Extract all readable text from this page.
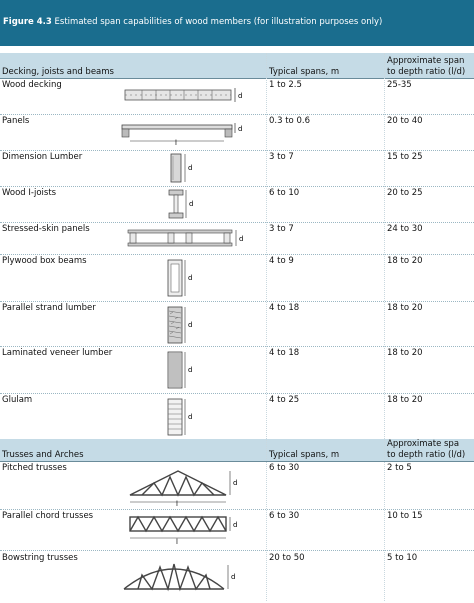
Figure 4.3 Estimated span capabilities of wood members (for illustration purposes only)
Decking, joists and beams	Typical spans, m
Approximate span
to depth ratio (l/d)
Wood decking	1 to 2.5	25-35
d
Panels	0.3 to 0.6	20 to 40
l
d
Dimension Lumber	3 to 7	15 to 25
d
Wood I-joists	6 to 10	20 to 25
d
Stressed-skin panels	3 to 7	24 to 30
d
Plywood box beams	4 to 9	18 to 20
d
Parallel strand lumber	4 to 18	18 to 20
d
Laminated veneer lumber	4 to 18	18 to 20
d
Glulam	4 to 25	18 to 20
d
Trusses and Arches	Typical spans, m
Approximate spa
to depth ratio (l/d)
Pitched trusses	6 to 30	2 to 5
l
d
Parallel chord trusses	6 to 30	10 to 15
l
d
Bowstring trusses	20 to 50	5 to 10
d
